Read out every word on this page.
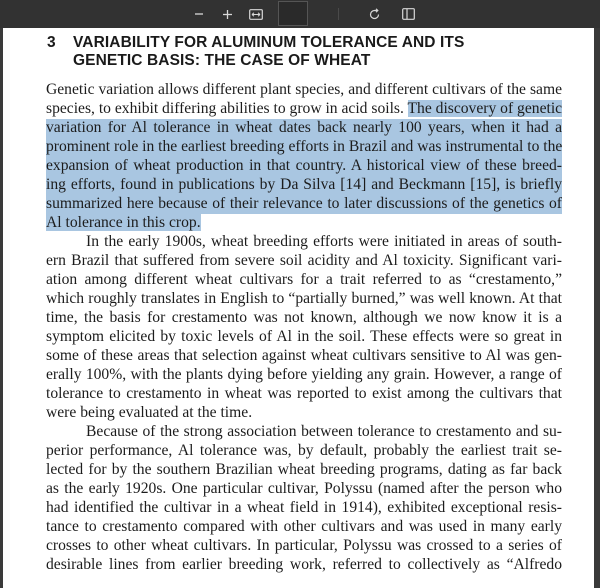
3 VARIABILITY FOR ALUMINUM TOLERANCE AND ITS
GENETIC BASIS: THE CASE OF WHEAT
Genetic variation allows different plant species, and different cultivars of the same
species, to exhibit differing abilities to grow in acid soils. The discovery of genetic
variation for Al tolerance in wheat dates back nearly 100 years, when it had a
prominent role in the earliest breeding efforts in Brazil and was instrumental to the
expansion of wheat production in that country. A historical view of these breed-
ing efforts, found in publications by Da Silva [14] and Beckmann [15], is briefly
summarized here because of their relevance to later discussions of the genetics of
Al tolerance in this crop.
In the early 1900s, wheat breeding efforts were initiated in areas of south-
ern Brazil that suffered from severe soil acidity and Al toxicity. Significant vari-
ation among different wheat cultivars for a trait referred to as “crestamento,”
which roughly translates in English to “partially burned,” was well known. At that
time, the basis for crestamento was not known, although we now know it is a
symptom elicited by toxic levels of Al in the soil. These effects were so great in
some of these areas that selection against wheat cultivars sensitive to Al was gen-
erally 100%, with the plants dying before yielding any grain. However, a range of
tolerance to crestamento in wheat was reported to exist among the cultivars that
were being evaluated at the time.
Because of the strong association between tolerance to crestamento and su-
perior performance, Al tolerance was, by default, probably the earliest trait se-
lected for by the southern Brazilian wheat breeding programs, dating as far back
as the early 1920s. One particular cultivar, Polyssu (named after the person who
had identified the cultivar in a wheat field in 1914), exhibited exceptional resis-
tance to crestamento compared with other cultivars and was used in many early
crosses to other wheat cultivars. In particular, Polyssu was crossed to a series of
desirable lines from earlier breeding work, referred to collectively as “Alfredo
